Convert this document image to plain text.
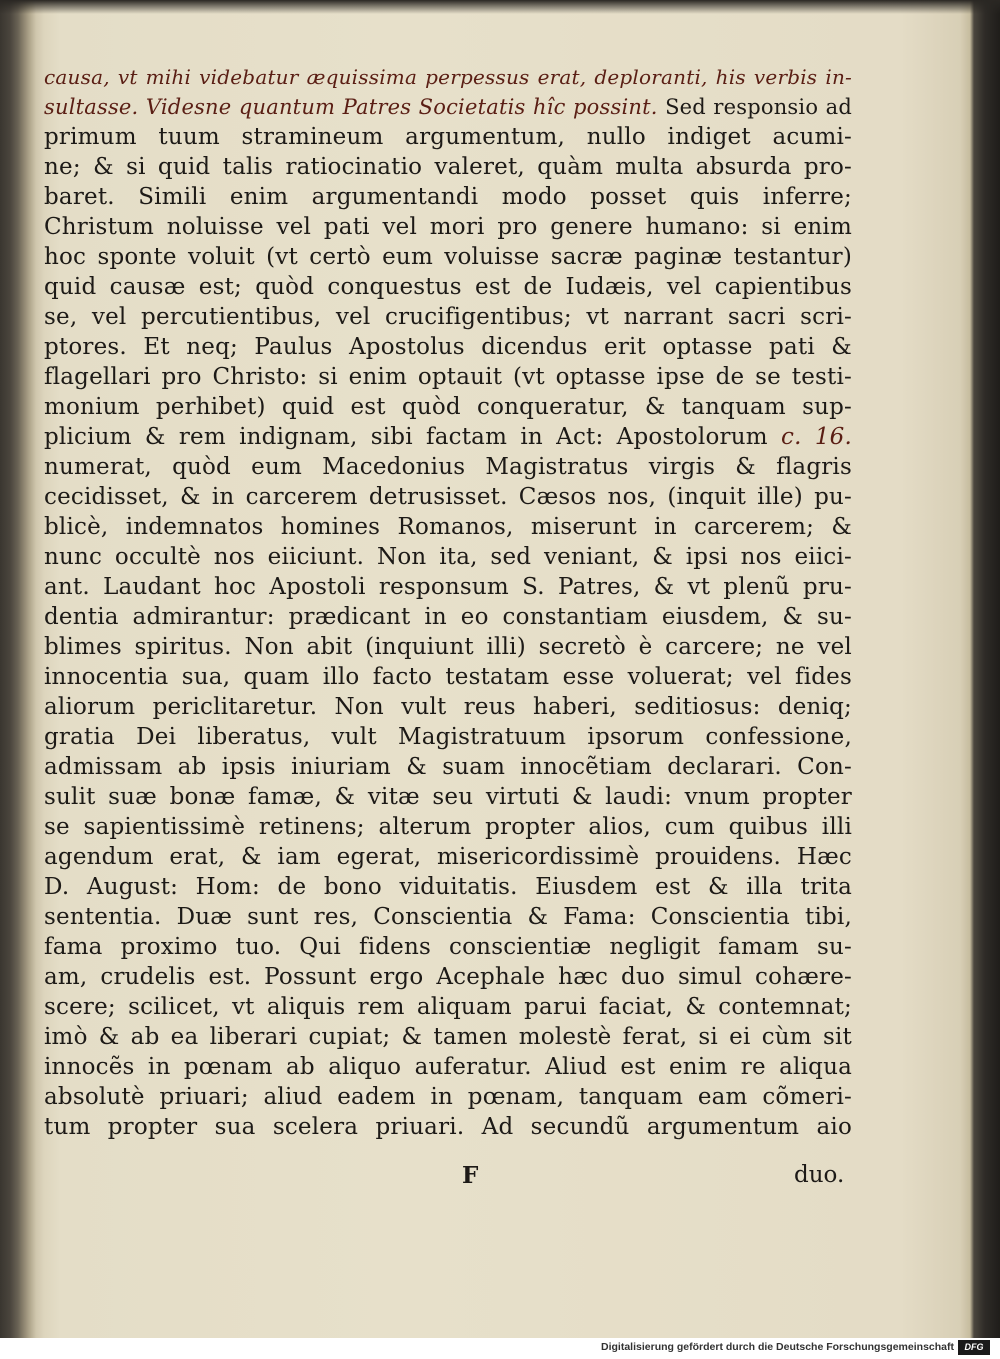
causa, vt mihi videbatur æquissima perpessus erat, deploranti, his verbis in-
sultasse. Videsne quantum Patres Societatis hîc possint. Sed responsio ad
primum tuum stramineum argumentum, nullo indiget acumi-
ne; & si quid talis ratiocinatio valeret, quàm multa absurda pro-
baret. Simili enim argumentandi modo posset quis inferre;
Christum noluisse vel pati vel mori pro genere humano: si enim
hoc sponte voluit (vt certò eum voluisse sacræ paginæ testantur)
quid causæ est; quòd conquestus est de Iudæis, vel capientibus
se, vel percutientibus, vel crucifigentibus; vt narrant sacri scri-
ptores. Et neq; Paulus Apostolus dicendus erit optasse pati &
flagellari pro Christo: si enim optauit (vt optasse ipse de se testi-
monium perhibet) quid est quòd conqueratur, & tanquam sup-
plicium & rem indignam, sibi factam in Act: Apostolorum c. 16.
numerat, quòd eum Macedonius Magistratus virgis & flagris
cecidisset, & in carcerem detrusisset. Cæsos nos, (inquit ille) pu-
blicè, indemnatos homines Romanos, miserunt in carcerem; &
nunc occultè nos eiiciunt. Non ita, sed veniant, & ipsi nos eiici-
ant. Laudant hoc Apostoli responsum S. Patres, & vt plenũ pru-
dentia admirantur: prædicant in eo constantiam eiusdem, & su-
blimes spiritus. Non abit (inquiunt illi) secretò è carcere; ne vel
innocentia sua, quam illo facto testatam esse voluerat; vel fides
aliorum periclitaretur. Non vult reus haberi, seditiosus: deniq;
gratia Dei liberatus, vult Magistratuum ipsorum confessione,
admissam ab ipsis iniuriam & suam innocẽtiam declarari. Con-
sulit suæ bonæ famæ, & vitæ seu virtuti & laudi: vnum propter
se sapientissimè retinens; alterum propter alios, cum quibus illi
agendum erat, & iam egerat, misericordissimè prouidens. Hæc
D. August: Hom: de bono viduitatis. Eiusdem est & illa trita
sententia. Duæ sunt res, Conscientia & Fama: Conscientia tibi,
fama proximo tuo. Qui fidens conscientiæ negligit famam su-
am, crudelis est. Possunt ergo Acephale hæc duo simul cohære-
scere; scilicet, vt aliquis rem aliquam parui faciat, & contemnat;
imò & ab ea liberari cupiat; & tamen molestè ferat, si ei cùm sit
innocẽs in pœnam ab aliquo auferatur. Aliud est enim re aliqua
absolutè priuari; aliud eadem in pœnam, tanquam eam cõmeri-
tum propter sua scelera priuari. Ad secundũ argumentum aio
F	duo.
Digitalisierung gefördert durch die Deutsche Forschungsgemeinschaft	DFG
